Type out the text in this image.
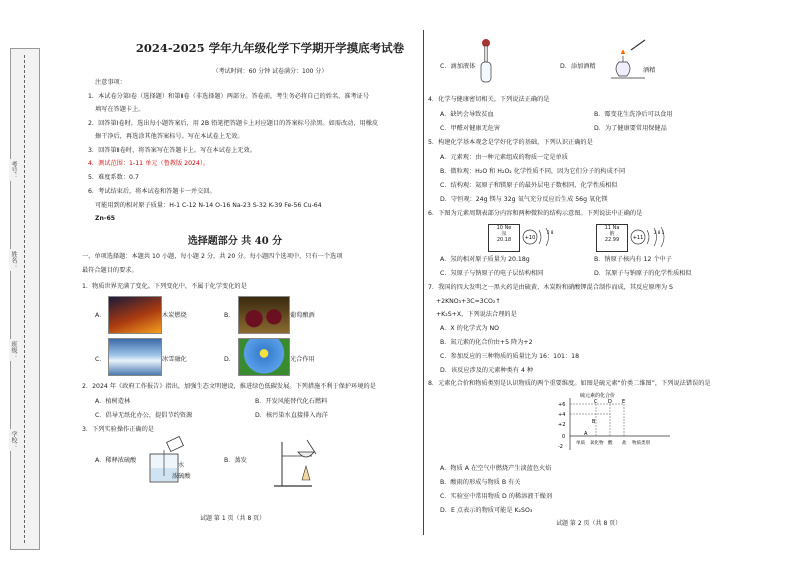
学校：
班级：
姓名：
考号：
2024-2025 学年九年级化学下学期开学摸底考试卷
（考试时间：60 分钟 试卷满分：100 分）
注意事项：
1．本试卷分第Ⅰ卷（选择题）和第Ⅱ卷（非选择题）两部分。答卷前，考生务必将自己的姓名、准考证号
填写在答题卡上。
2．回答第Ⅰ卷时，选出每小题答案后，用 2B 铅笔把答题卡上对应题目的答案标号涂黑。如需改动，用橡皮
擦干净后，再选涂其他答案标号。写在本试卷上无效。
3．回答第Ⅱ卷时，将答案写在答题卡上。写在本试卷上无效。
4．测试范围：1-11 单元（鲁教版 2024）。
5．难度系数：0.7
6．考试结束后，将本试卷和答题卡一并交回。
可能用到的相对原子质量：H-1 C-12 N-14 O-16 Na-23 S-32 K-39 Fe-56 Cu-64
Zn-65
选择题部分 共 40 分
一、单项选择题：本题共 10 小题，每小题 2 分，共 20 分。每小题四个选项中，只有一个选项
最符合题目的要求。
1．物质世界充满了变化。下列变化中，不属于化学变化的是
A．	木炭燃烧	B．	葡萄酿酒
C．	冰雪融化	D．	光合作用
2．2024 年《政府工作报告》指出，加强生态文明建设，推进绿色低碳发展。下列措施不利于保护环境的是
A．植树造林	B．开发风能替代化石燃料
C．倡导无纸化办公，提倡节约资源	D．核污染水直接排入海洋
3．下列实验操作正确的是
A．稀释浓硫酸
水
浓硫酸
B．蒸发
试题 第 1 页（共 8 页）
C．滴加液体	D．添加酒精
酒精
4．化学与健康密切相关。下列说法正确的是
A．缺钙会导致贫血	B．霉变花生洗净后可以食用
C．甲醛对健康无危害	D．为了健康要常用保健品
5．构建化学基本观念是学好化学的基础，下列认识正确的是
A．元素观：由一种元素组成的物质一定是单质
B．微粒观：H₂O 和 H₂O₂ 化学性质不同，因为它们分子的构成不同
C．结构观：氦原子和镁原子的最外层电子数相同，化学性质相似
D．守恒观：24g 镁与 32g 氧气充分反应后生成 56g 氧化镁
6．下图为元素周期表部分内容和两种微粒的结构示意图。下列说法中正确的是
10 Ne
氖
20.18	+10
2 8
11 Na
钠
22.99	+11
2 8 1
A．氖的相对原子质量为 20.18g	B．钠原子核内有 12 个中子
C．氖原子与钠原子的电子层结构相同	D．氖原子与钠原子的化学性质相似
7．我国的四大发明之一黑火药是由硫黄、木炭粉和硝酸钾混合制作而成，其反应原理为 S
+2KNO₃+3C=3CO₂↑
+K₂S+X，下列说法合理的是
A．X 的化学式为 NO
B．氮元素的化合价由+5 降为+2
C．参加反应的三种物质的质量比为 16：101：18
D．该反应涉及的元素种类有 4 种
8．元素化合价和物质类别是认识物质的两个重要维度。如图是硫元素“价类二维图”，下列说法错误的是
硫元素的化合价
+6
+4
+2
0
-2
A
B
C D E
单质 氧化物 酸 盐 物质类别
A．物质 A 在空气中燃烧产生淡蓝色火焰
B．酸雨的形成与物质 B 有关
C．实验室中常用物质 D 的稀溶液干燥剂
D．E 点表示的物质可能是 K₂SO₃
试题 第 2 页（共 8 页）
